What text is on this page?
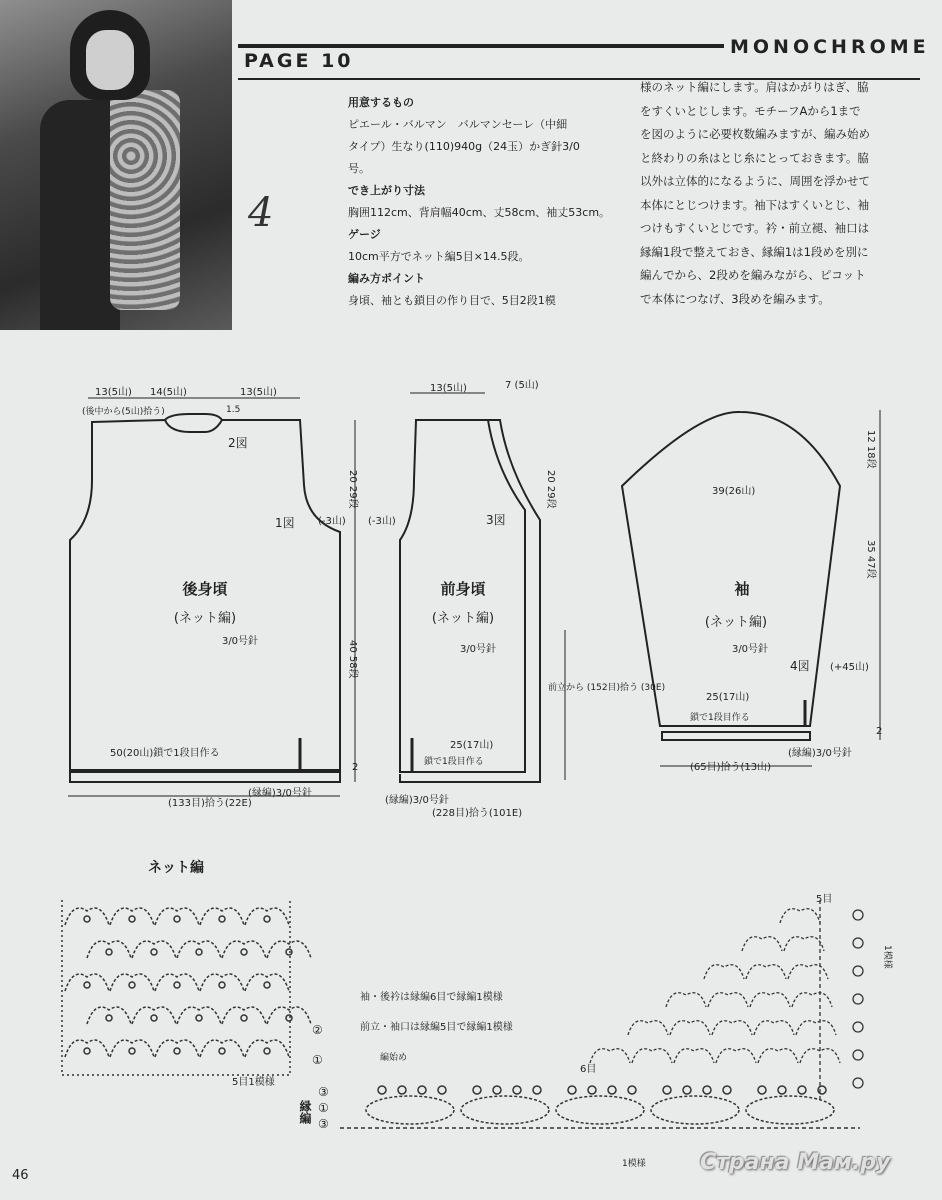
4
PAGE 10
MONOCHROME
用意するもの
ピエール・バルマン　バルマンセーレ（中細
タイプ）生なり(110)940g（24玉）かぎ針3/0
号。
でき上がり寸法
胸囲112cm、背肩幅40cm、丈58cm、袖丈53cm。
ゲージ
10cm平方でネット編5目×14.5段。
編み方ポイント
身頃、袖とも鎖目の作り目で、5目2段1模
様のネット編にします。肩はかがりはぎ、脇
をすくいとじします。モチーフAから1まで
を図のように必要枚数編みますが、編み始め
と終わりの糸はとじ糸にとっておきます。脇
以外は立体的になるように、周囲を浮かせて
本体にとじつけます。袖下はすくいとじ、袖
つけもすくいとじです。衿・前立褪、袖口は
縁編1段で整えておき、縁編1は1段めを別に
編んでから、2段めを編みながら、ピコット
で本体につなげ、3段めを編みます。
13(5山) 14(5山)	13(5山)
(後中から(5山)拾う)	1.5
2図
1図 (-3山)
20 29段
40 58段
2
50(20山)鎖で1段目作る
(縁編)3/0号針
(133目)拾う(22E)
後身頃
(ネット編)
3/0号針
13(5山)	7 (5山)
20 29段
(-3山)	3図
25(17山)
鎖で1段目作る
(縁編)3/0号針
(228目)拾う(101E)
前立から (152目)拾う (30E)
前身頃
(ネット編)
3/0号針
12 18段
39(26山)
35 47段
(+45山)
4図
25(17山)
鎖で1段目作る
2
(縁編)3/0号針
(65目)拾う(13山)
袖
(ネット編)
3/0号針
ネット編
②
①
5目1模様
袖・後衿は縁編6目で縁編1模様
前立・袖口は縁編5目で縁編1模様
編始め
6目
5目
1模様
1模様
③
①
③
縁編
46
Страна Мам.ру
